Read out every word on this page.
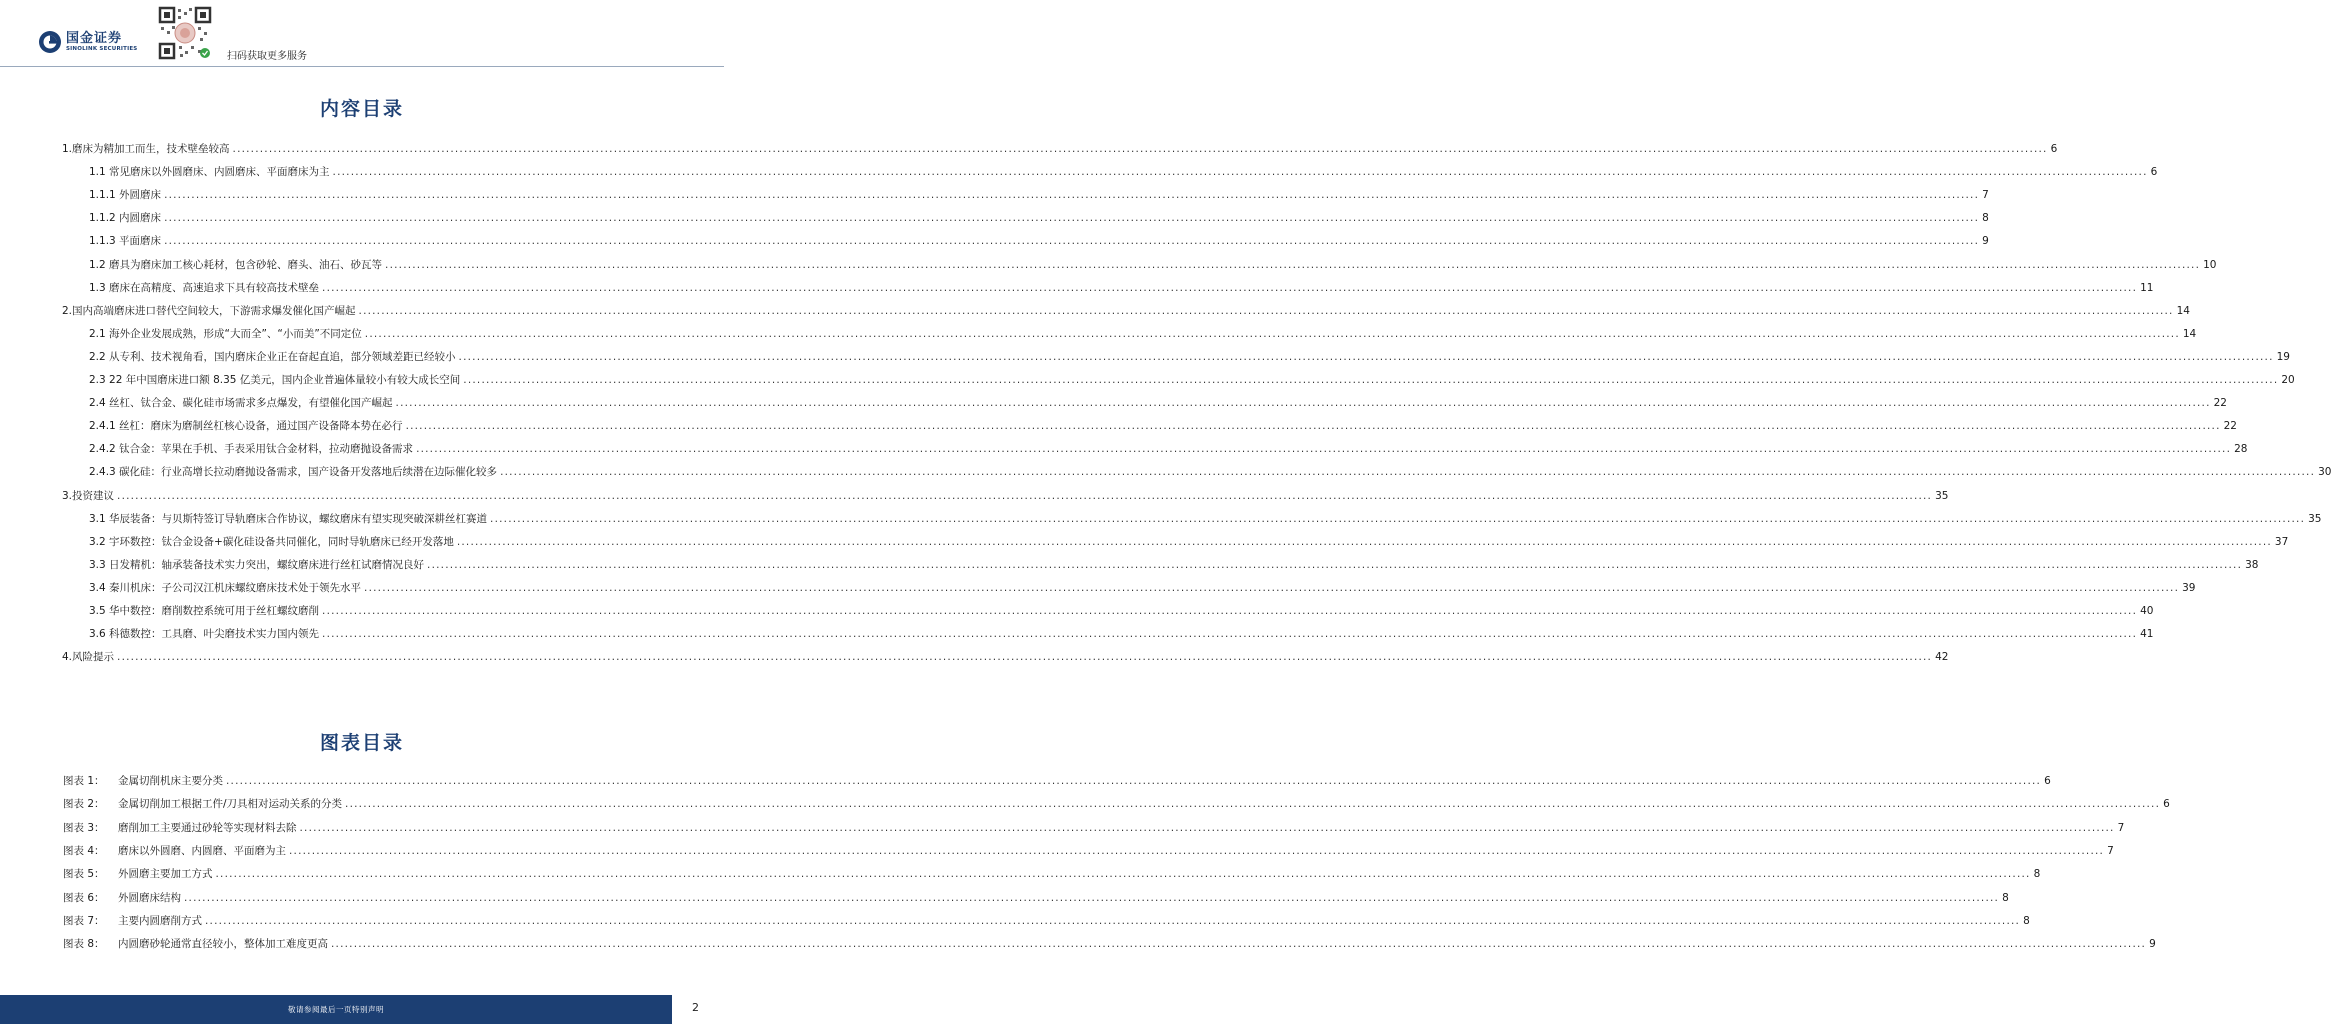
国金证券
SINOLINK SECURITIES
扫码获取更多服务
内容目录
1.磨床为精加工而生，技术壁垒较高 ................................................................................................................................................................................................................................................................................................................................................................................................................ 6
1.1 常见磨床以外圆磨床、内圆磨床、平面磨床为主 ................................................................................................................................................................................................................................................................................................................................................................................................................ 6
1.1.1 外圆磨床 ................................................................................................................................................................................................................................................................................................................................................................................................................ 7
1.1.2 内圆磨床 ................................................................................................................................................................................................................................................................................................................................................................................................................ 8
1.1.3 平面磨床 ................................................................................................................................................................................................................................................................................................................................................................................................................ 9
1.2 磨具为磨床加工核心耗材，包含砂轮、磨头、油石、砂瓦等 ................................................................................................................................................................................................................................................................................................................................................................................................................ 10
1.3 磨床在高精度、高速追求下具有较高技术壁垒 ................................................................................................................................................................................................................................................................................................................................................................................................................ 11
2.国内高端磨床进口替代空间较大，下游需求爆发催化国产崛起 ................................................................................................................................................................................................................................................................................................................................................................................................................ 14
2.1 海外企业发展成熟，形成“大而全”、“小而美”不同定位 ................................................................................................................................................................................................................................................................................................................................................................................................................ 14
2.2 从专利、技术视角看，国内磨床企业正在奋起直追，部分领域差距已经较小 ................................................................................................................................................................................................................................................................................................................................................................................................................ 19
2.3 22 年中国磨床进口额 8.35 亿美元，国内企业普遍体量较小有较大成长空间 ................................................................................................................................................................................................................................................................................................................................................................................................................ 20
2.4 丝杠、钛合金、碳化硅市场需求多点爆发，有望催化国产崛起 ................................................................................................................................................................................................................................................................................................................................................................................................................ 22
2.4.1 丝杠：磨床为磨制丝杠核心设备，通过国产设备降本势在必行 ................................................................................................................................................................................................................................................................................................................................................................................................................ 22
2.4.2 钛合金：苹果在手机、手表采用钛合金材料，拉动磨抛设备需求 ................................................................................................................................................................................................................................................................................................................................................................................................................ 28
2.4.3 碳化硅：行业高增长拉动磨抛设备需求，国产设备开发落地后续潜在边际催化较多 ................................................................................................................................................................................................................................................................................................................................................................................................................ 30
3.投资建议 ................................................................................................................................................................................................................................................................................................................................................................................................................ 35
3.1 华辰装备：与贝斯特签订导轨磨床合作协议，螺纹磨床有望实现突破深耕丝杠赛道 ................................................................................................................................................................................................................................................................................................................................................................................................................ 35
3.2 宇环数控：钛合金设备+碳化硅设备共同催化，同时导轨磨床已经开发落地 ................................................................................................................................................................................................................................................................................................................................................................................................................ 37
3.3 日发精机：轴承装备技术实力突出，螺纹磨床进行丝杠试磨情况良好 ................................................................................................................................................................................................................................................................................................................................................................................................................ 38
3.4 秦川机床：子公司汉江机床螺纹磨床技术处于领先水平 ................................................................................................................................................................................................................................................................................................................................................................................................................ 39
3.5 华中数控：磨削数控系统可用于丝杠螺纹磨削 ................................................................................................................................................................................................................................................................................................................................................................................................................ 40
3.6 科德数控：工具磨、叶尖磨技术实力国内领先 ................................................................................................................................................................................................................................................................................................................................................................................................................ 41
4.风险提示 ................................................................................................................................................................................................................................................................................................................................................................................................................ 42
图表目录
图表 1：	金属切削机床主要分类 ................................................................................................................................................................................................................................................................................................................................................................................................................ 6
图表 2：	金属切削加工根据工件/刀具相对运动关系的分类 ................................................................................................................................................................................................................................................................................................................................................................................................................ 6
图表 3：	磨削加工主要通过砂轮等实现材料去除 ................................................................................................................................................................................................................................................................................................................................................................................................................ 7
图表 4：	磨床以外圆磨、内圆磨、平面磨为主 ................................................................................................................................................................................................................................................................................................................................................................................................................ 7
图表 5：	外圆磨主要加工方式 ................................................................................................................................................................................................................................................................................................................................................................................................................ 8
图表 6：	外圆磨床结构 ................................................................................................................................................................................................................................................................................................................................................................................................................ 8
图表 7：	主要内圆磨削方式 ................................................................................................................................................................................................................................................................................................................................................................................................................ 8
图表 8：	内圆磨砂轮通常直径较小，整体加工难度更高 ................................................................................................................................................................................................................................................................................................................................................................................................................ 9
敬请参阅最后一页特别声明	2
